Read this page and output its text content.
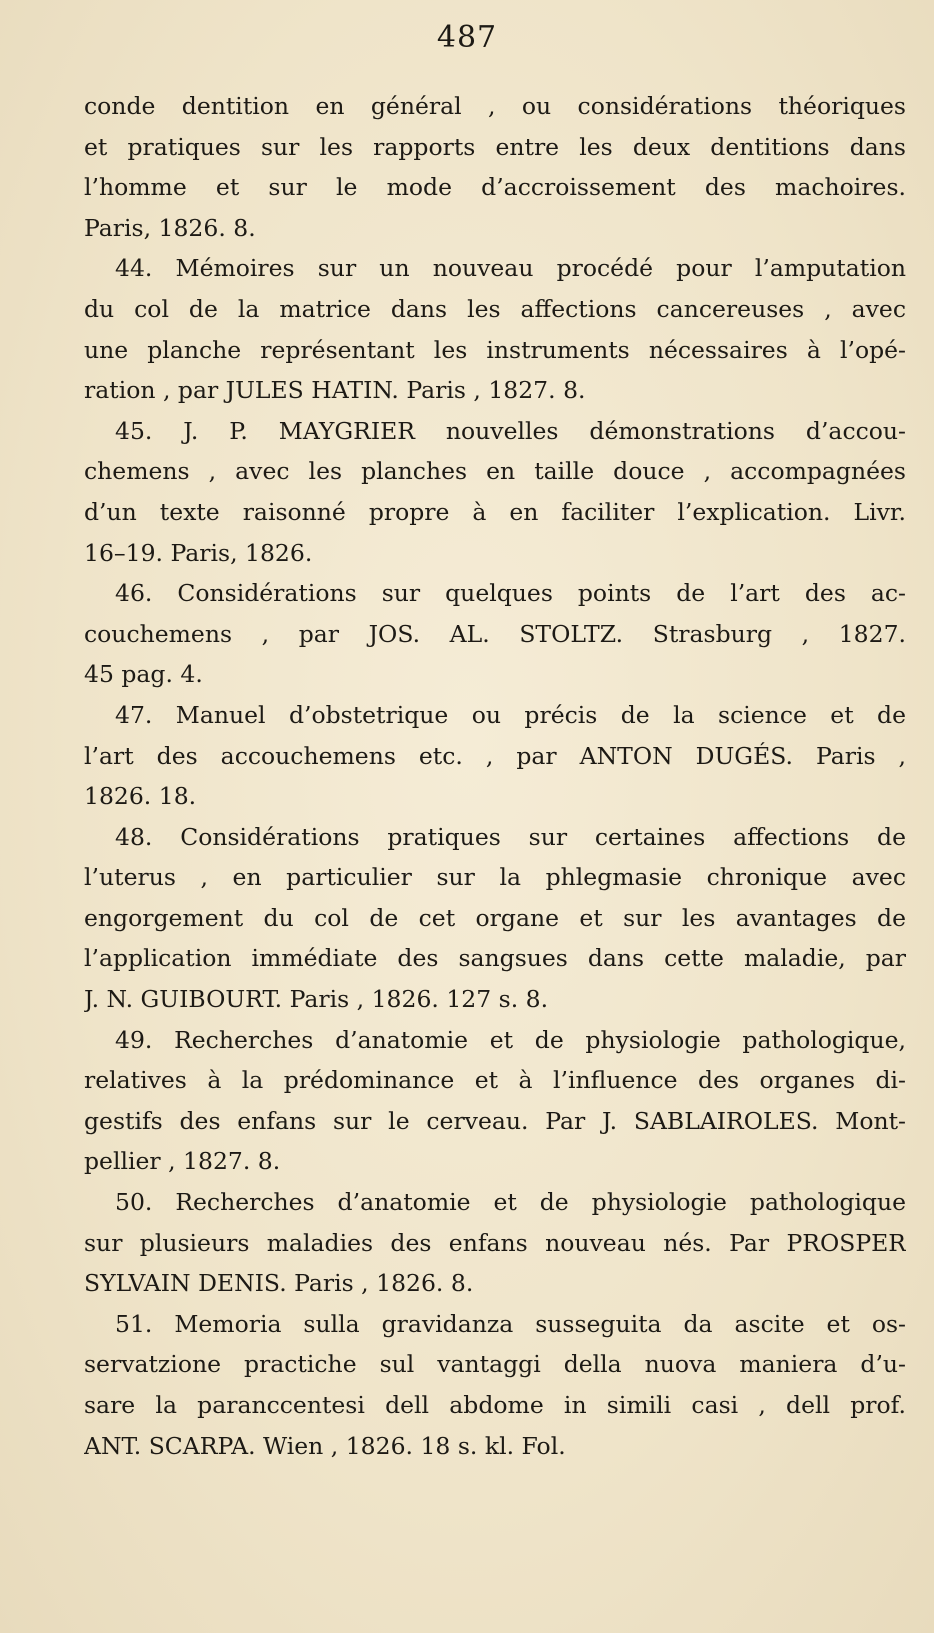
487
conde dentition en général , ou considérations théoriques
et pratiques sur les rapports entre les deux dentitions dans
l’homme et sur le mode d’accroissement des machoires.
Paris, 1826. 8.
44. Mémoires sur un nouveau procédé pour l’amputation
du col de la matrice dans les affections cancereuses , avec
une planche représentant les instruments nécessaires à l’opé-
ration , par JULES HATIN. Paris , 1827. 8.
45. J. P. MAYGRIER nouvelles démonstrations d’accou-
chemens , avec les planches en taille douce , accompagnées
d’un texte raisonné propre à en faciliter l’explication. Livr.
16–19. Paris, 1826.
46. Considérations sur quelques points de l’art des ac-
couchemens , par JOS. AL. STOLTZ. Strasburg , 1827.
45 pag. 4.
47. Manuel d’obstetrique ou précis de la science et de
l’art des accouchemens etc. , par ANTON DUGÉS. Paris ,
1826. 18.
48. Considérations pratiques sur certaines affections de
l’uterus , en particulier sur la phlegmasie chronique avec
engorgement du col de cet organe et sur les avantages de
l’application immédiate des sangsues dans cette maladie, par
J. N. GUIBOURT. Paris , 1826. 127 s. 8.
49. Recherches d’anatomie et de physiologie pathologique,
relatives à la prédominance et à l’influence des organes di-
gestifs des enfans sur le cerveau. Par J. SABLAIROLES. Mont-
pellier , 1827. 8.
50. Recherches d’anatomie et de physiologie pathologique
sur plusieurs maladies des enfans nouveau nés. Par PROSPER
SYLVAIN DENIS. Paris , 1826. 8.
51. Memoria sulla gravidanza susseguita da ascite et os-
servatzione practiche sul vantaggi della nuova maniera d’u-
sare la paranccentesi dell abdome in simili casi , dell prof.
ANT. SCARPA. Wien , 1826. 18 s. kl. Fol.
